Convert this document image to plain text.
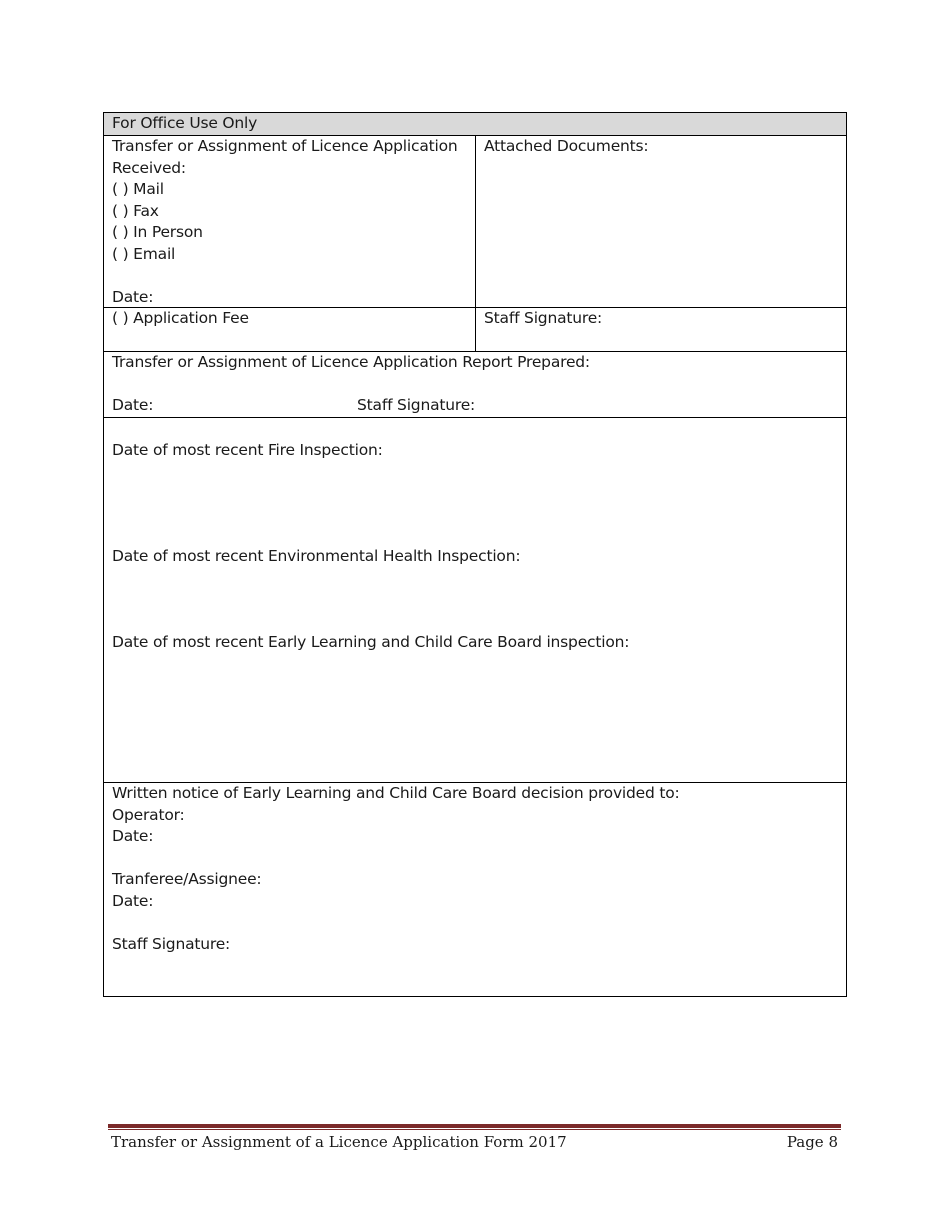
For Office Use Only
Transfer or Assignment of Licence Application
Received:
( ) Mail
( ) Fax
( ) In Person
( ) Email
Date:
Attached Documents:
( ) Application Fee	Staff Signature:
Transfer or Assignment of Licence Application Report Prepared:
Date:	Staff Signature:
Date of most recent Fire Inspection:
Date of most recent Environmental Health Inspection:
Date of most recent Early Learning and Child Care Board inspection:
Written notice of Early Learning and Child Care Board decision provided to:
Operator:
Date:
Tranferee/Assignee:
Date:
Staff Signature:
Transfer or Assignment of a Licence Application Form 2017	Page 8
